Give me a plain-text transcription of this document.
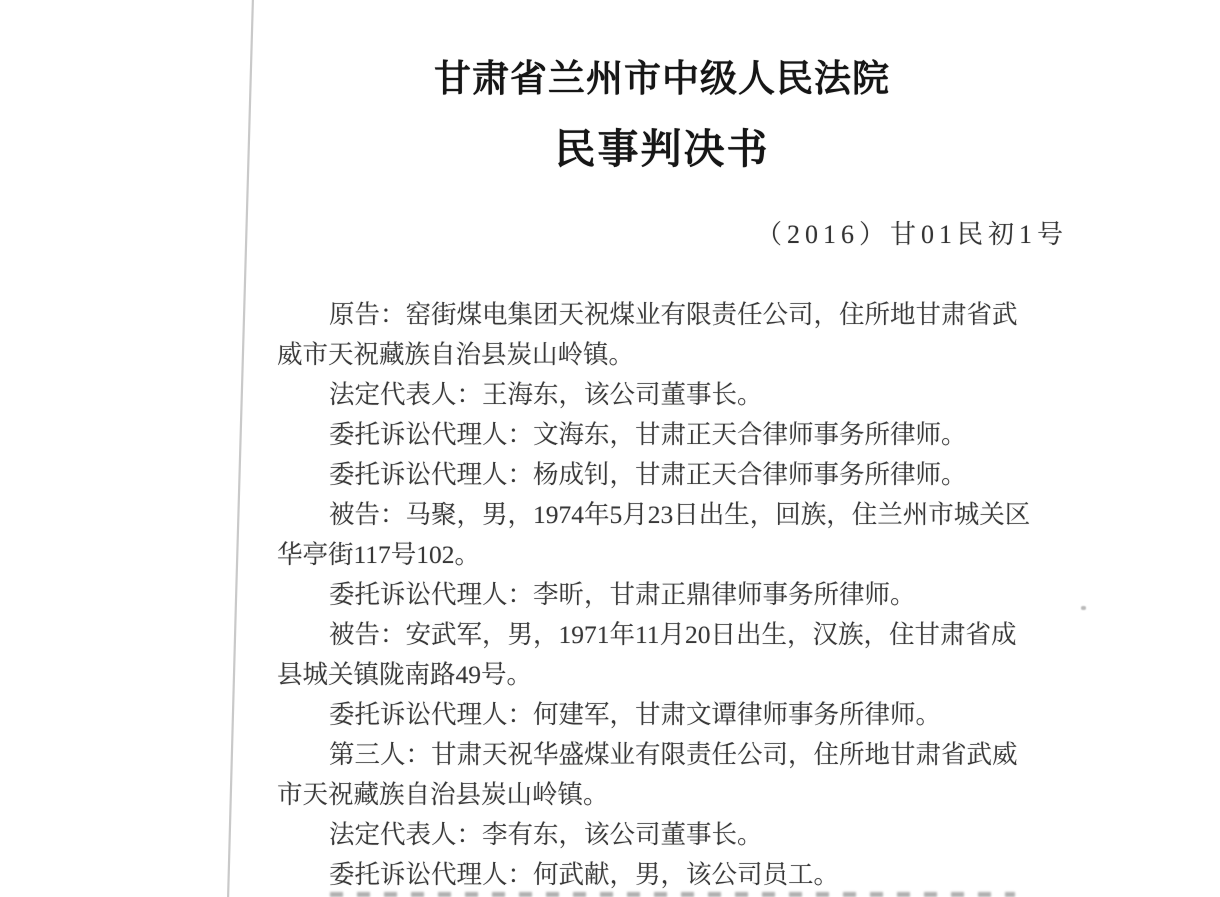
甘肃省兰州市中级人民法院
民事判决书
（2016）甘01民初1号
原告：窑街煤电集团天祝煤业有限责任公司，住所地甘肃省武
威市天祝藏族自治县炭山岭镇。
法定代表人：王海东，该公司董事长。
委托诉讼代理人：文海东，甘肃正天合律师事务所律师。
委托诉讼代理人：杨成钊，甘肃正天合律师事务所律师。
被告：马聚，男，1974年5月23日出生，回族，住兰州市城关区
华亭街117号102。
委托诉讼代理人：李昕，甘肃正鼎律师事务所律师。
被告：安武军，男，1971年11月20日出生，汉族，住甘肃省成
县城关镇陇南路49号。
委托诉讼代理人：何建军，甘肃文谭律师事务所律师。
第三人：甘肃天祝华盛煤业有限责任公司，住所地甘肃省武威
市天祝藏族自治县炭山岭镇。
法定代表人：李有东，该公司董事长。
委托诉讼代理人：何武献，男，该公司员工。
